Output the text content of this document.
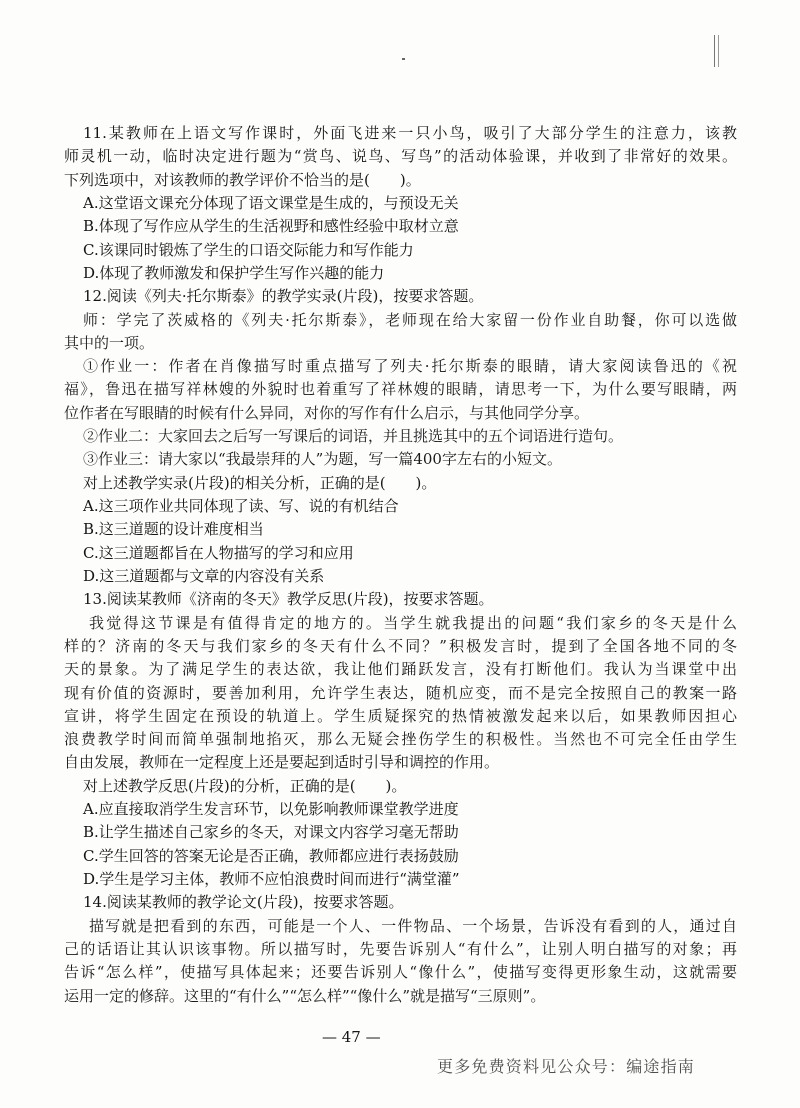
11.某教师在上语文写作课时，外面飞进来一只小鸟，吸引了大部分学生的注意力，该教
师灵机一动，临时决定进行题为“赏鸟、说鸟、写鸟”的活动体验课，并收到了非常好的效果。
下列选项中，对该教师的教学评价不恰当的是(　　)。
A.这堂语文课充分体现了语文课堂是生成的，与预设无关
B.体现了写作应从学生的生活视野和感性经验中取材立意
C.该课同时锻炼了学生的口语交际能力和写作能力
D.体现了教师激发和保护学生写作兴趣的能力
12.阅读《列夫·托尔斯泰》的教学实录(片段)，按要求答题。
师：学完了茨威格的《列夫·托尔斯泰》，老师现在给大家留一份作业自助餐，你可以选做
其中的一项。
①作业一：作者在肖像描写时重点描写了列夫·托尔斯泰的眼睛，请大家阅读鲁迅的《祝
福》，鲁迅在描写祥林嫂的外貌时也着重写了祥林嫂的眼睛，请思考一下，为什么要写眼睛，两
位作者在写眼睛的时候有什么异同，对你的写作有什么启示，与其他同学分享。
②作业二：大家回去之后写一写课后的词语，并且挑选其中的五个词语进行造句。
③作业三：请大家以“我最崇拜的人”为题，写一篇400字左右的小短文。
对上述教学实录(片段)的相关分析，正确的是(　　)。
A.这三项作业共同体现了读、写、说的有机结合
B.这三道题的设计难度相当
C.这三道题都旨在人物描写的学习和应用
D.这三道题都与文章的内容没有关系
13.阅读某教师《济南的冬天》教学反思(片段)，按要求答题。
我觉得这节课是有值得肯定的地方的。当学生就我提出的问题“我们家乡的冬天是什么
样的？济南的冬天与我们家乡的冬天有什么不同？”积极发言时，提到了全国各地不同的冬
天的景象。为了满足学生的表达欲，我让他们踊跃发言，没有打断他们。我认为当课堂中出
现有价值的资源时，要善加利用，允许学生表达，随机应变，而不是完全按照自己的教案一路
宣讲，将学生固定在预设的轨道上。学生质疑探究的热情被激发起来以后，如果教师因担心
浪费教学时间而简单强制地掐灭，那么无疑会挫伤学生的积极性。当然也不可完全任由学生
自由发展，教师在一定程度上还是要起到适时引导和调控的作用。
对上述教学反思(片段)的分析，正确的是(　　)。
A.应直接取消学生发言环节，以免影响教师课堂教学进度
B.让学生描述自己家乡的冬天，对课文内容学习毫无帮助
C.学生回答的答案无论是否正确，教师都应进行表扬鼓励
D.学生是学习主体，教师不应怕浪费时间而进行“满堂灌”
14.阅读某教师的教学论文(片段)，按要求答题。
描写就是把看到的东西，可能是一个人、一件物品、一个场景，告诉没有看到的人，通过自
己的话语让其认识该事物。所以描写时，先要告诉别人“有什么”，让别人明白描写的对象；再
告诉“怎么样”，使描写具体起来；还要告诉别人“像什么”，使描写变得更形象生动，这就需要
运用一定的修辞。这里的“有什么”“怎么样”“像什么”就是描写“三原则”。
— 47 —
更多免费资料见公众号：编途指南
